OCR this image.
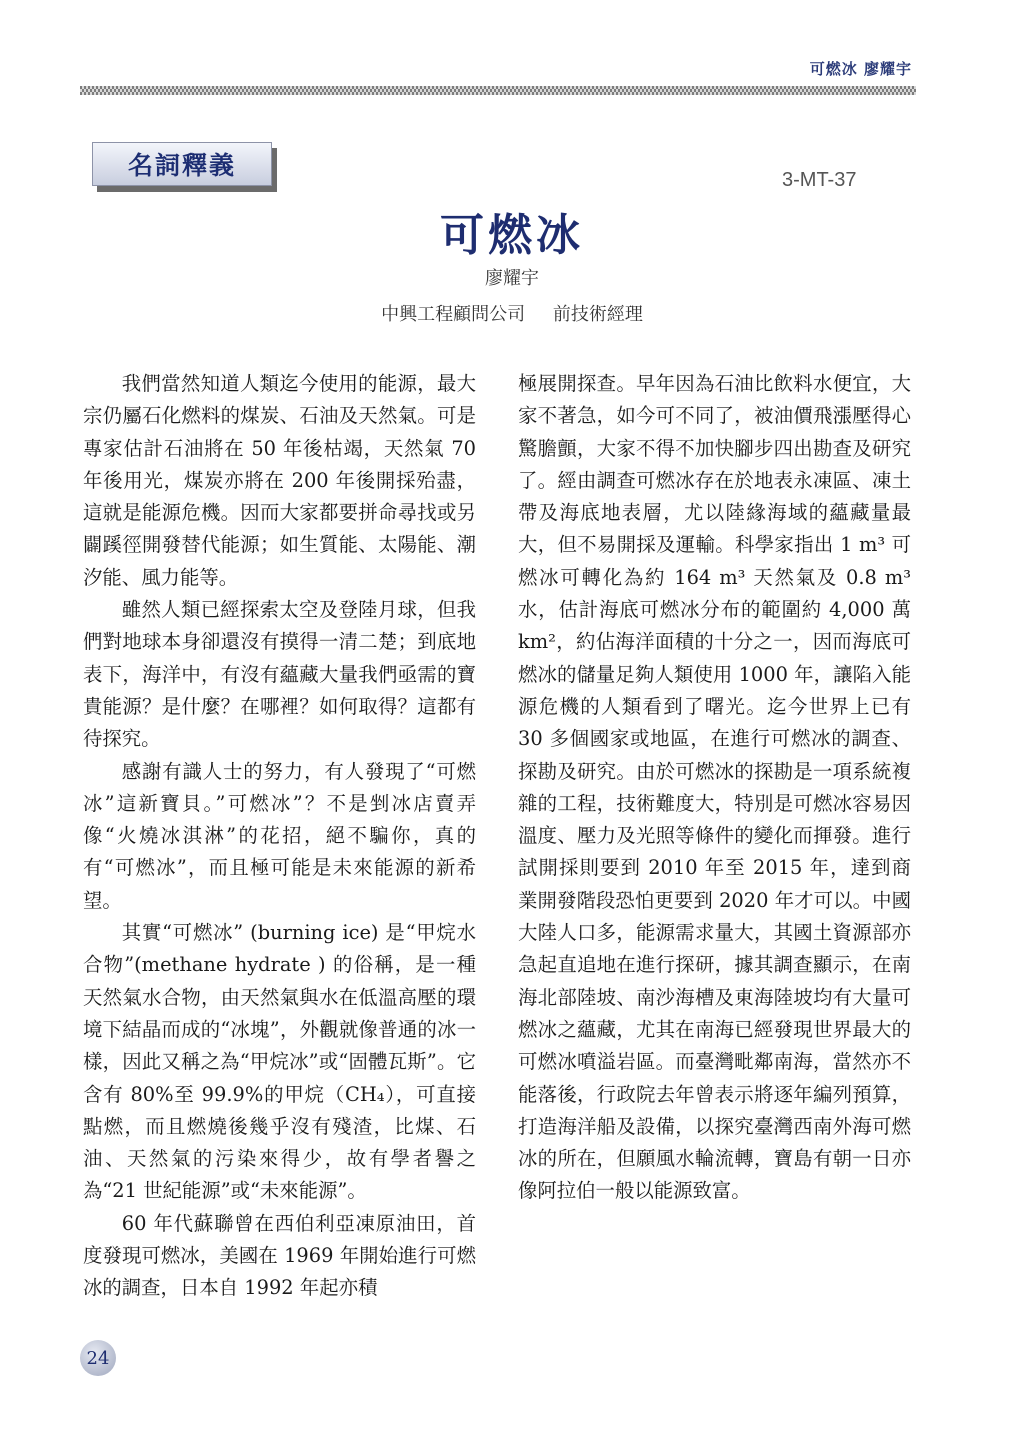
可燃冰 廖耀宇
名詞釋義	3-MT-37
可燃冰
廖耀宇
中興工程顧問公司 前技術經理

我們當然知道人類迄今使用的能源，最大宗仍屬石化燃料的煤炭、石油及天然氣。可是專家估計石油將在 50 年後枯竭，天然氣 70 年後用光，煤炭亦將在 200 年後開採殆盡，這就是能源危機。因而大家都要拼命尋找或另闢蹊徑開發替代能源；如生質能、太陽能、潮汐能、風力能等。

雖然人類已經探索太空及登陸月球，但我們對地球本身卻還沒有摸得一清二楚；到底地表下，海洋中，有沒有蘊藏大量我們亟需的寶貴能源？是什麼？在哪裡？如何取得？這都有待探究。

感謝有識人士的努力，有人發現了“可燃冰”這新寶貝。”可燃冰”？不是剉冰店賣弄像“火燒冰淇淋”的花招，絕不騙你，真的有“可燃冰”，而且極可能是未來能源的新希望。

其實“可燃冰” (burning ice) 是“甲烷水合物”(methane hydrate ) 的俗稱，是一種天然氣水合物，由天然氣與水在低溫高壓的環境下結晶而成的“冰塊”，外觀就像普通的冰一樣，因此又稱之為“甲烷冰”或“固體瓦斯”。它含有 80%至 99.9%的甲烷（CH₄），可直接點燃，而且燃燒後幾乎沒有殘渣，比煤、石油、天然氣的污染來得少，故有學者譽之為“21 世紀能源”或“未來能源”。

60 年代蘇聯曾在西伯利亞凍原油田，首度發現可燃冰，美國在 1969 年開始進行可燃冰的調查，日本自 1992 年起亦積

極展開探查。早年因為石油比飲料水便宜，大家不著急，如今可不同了，被油價飛漲壓得心驚膽顫，大家不得不加快腳步四出勘查及研究了。經由調查可燃冰存在於地表永凍區、凍土帶及海底地表層，尤以陸緣海域的蘊藏量最大，但不易開採及運輸。科學家指出 1 m³ 可燃冰可轉化為約 164 m³ 天然氣及 0.8 m³ 水，估計海底可燃冰分布的範圍約 4,000 萬 km²，約佔海洋面積的十分之一，因而海底可燃冰的儲量足夠人類使用 1000 年，讓陷入能源危機的人類看到了曙光。迄今世界上已有 30 多個國家或地區，在進行可燃冰的調查、探勘及研究。由於可燃冰的探勘是一項系統複雜的工程，技術難度大，特別是可燃冰容易因溫度、壓力及光照等條件的變化而揮發。進行試開採則要到 2010 年至 2015 年，達到商業開發階段恐怕更要到 2020 年才可以。中國大陸人口多，能源需求量大，其國土資源部亦急起直追地在進行探研，據其調查顯示，在南海北部陸坡、南沙海槽及東海陸坡均有大量可燃冰之蘊藏，尤其在南海已經發現世界最大的可燃冰噴溢岩區。而臺灣毗鄰南海，當然亦不能落後，行政院去年曾表示將逐年編列預算，打造海洋船及設備，以探究臺灣西南外海可燃冰的所在，但願風水輪流轉，寶島有朝一日亦像阿拉伯一般以能源致富。

24
